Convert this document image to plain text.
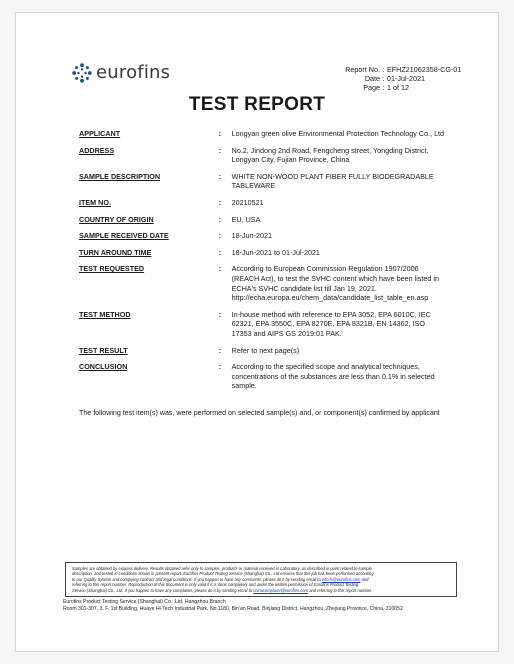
eurofins	Report No. : EFHZ21062358-CG-01
Date : 01-Jul-2021
Page : 1 of 12
TEST REPORT
APPLICANT	:	Longyan green olive Environmental Protection Technology Co., Ltd
ADDRESS	:	No.2, Jindong 2nd Road, Fengcheng street, Yongding District,
Longyan City, Fujian Province, China
SAMPLE DESCRIPTION	:	WHITE NON-WOOD PLANT FIBER FULLY BIODEGRADABLE
TABLEWARE
ITEM NO.	:	20210521
COUNTRY OF ORIGIN	:	EU, USA
SAMPLE RECEIVED DATE	:	18-Jun-2021
TURN AROUND TIME	:	18-Jun-2021 to 01-Jul-2021
TEST REQUESTED	:	According to European Commission Regulation 1907/2006
(REACH Act), to test the SVHC content which have been listed in
ECHA's SVHC candidate list till Jan 19, 2021.
http://echa.europa.eu/chem_data/candidate_list_table_en.asp
TEST METHOD	:	In-house method with reference to EPA 3052, EPA 6010C, IEC
62321, EPA 3550C, EPA 8270E, EPA 8321B, EN 14362, ISO
17353 and AIPS GS 2019:01 PAK.
TEST RESULT	:	Refer to next page(s)
CONCLUSION	:	According to the specified scope and analytical techniques,
concentrations of the substances are less than 0.1% in selected
sample.
The following test item(s) was, were performed on selected sample(s) and, or component(s) confirmed by applicant
Samples are obtained by express delivery. Results obtained refer only to samples, products or material received in Laboratory, as described in point related to sample
description, and tested in conditions shown in present report. Eurofins Product Testing Service (Shanghai) Co., Ltd ensures that this job has been performed according
to our Quality System and complying contract and legal conditions. If you happen to have any comments, please do it by sending email to info.fs@eurofins.com and
referring to this report number. Reproduction of this document is only valid if it is done completely and under the written permission of Eurofins Product Testing
Service (Shanghai) Co., Ltd. If you happen to have any complaints, please do it by sending email to chinacomplaint@eurofins.com and referring to this report number.
Eurofins Product Testing Service (Shanghai) Co., Ltd. Hangzhou Branch
Room 301-307, 3. F, 1st Building, Huaye Hi-Tech Industrial Park, No.1180, Bin'an Road, Binjiang District, Hangzhou, Zhejiang Province, China, 310052
